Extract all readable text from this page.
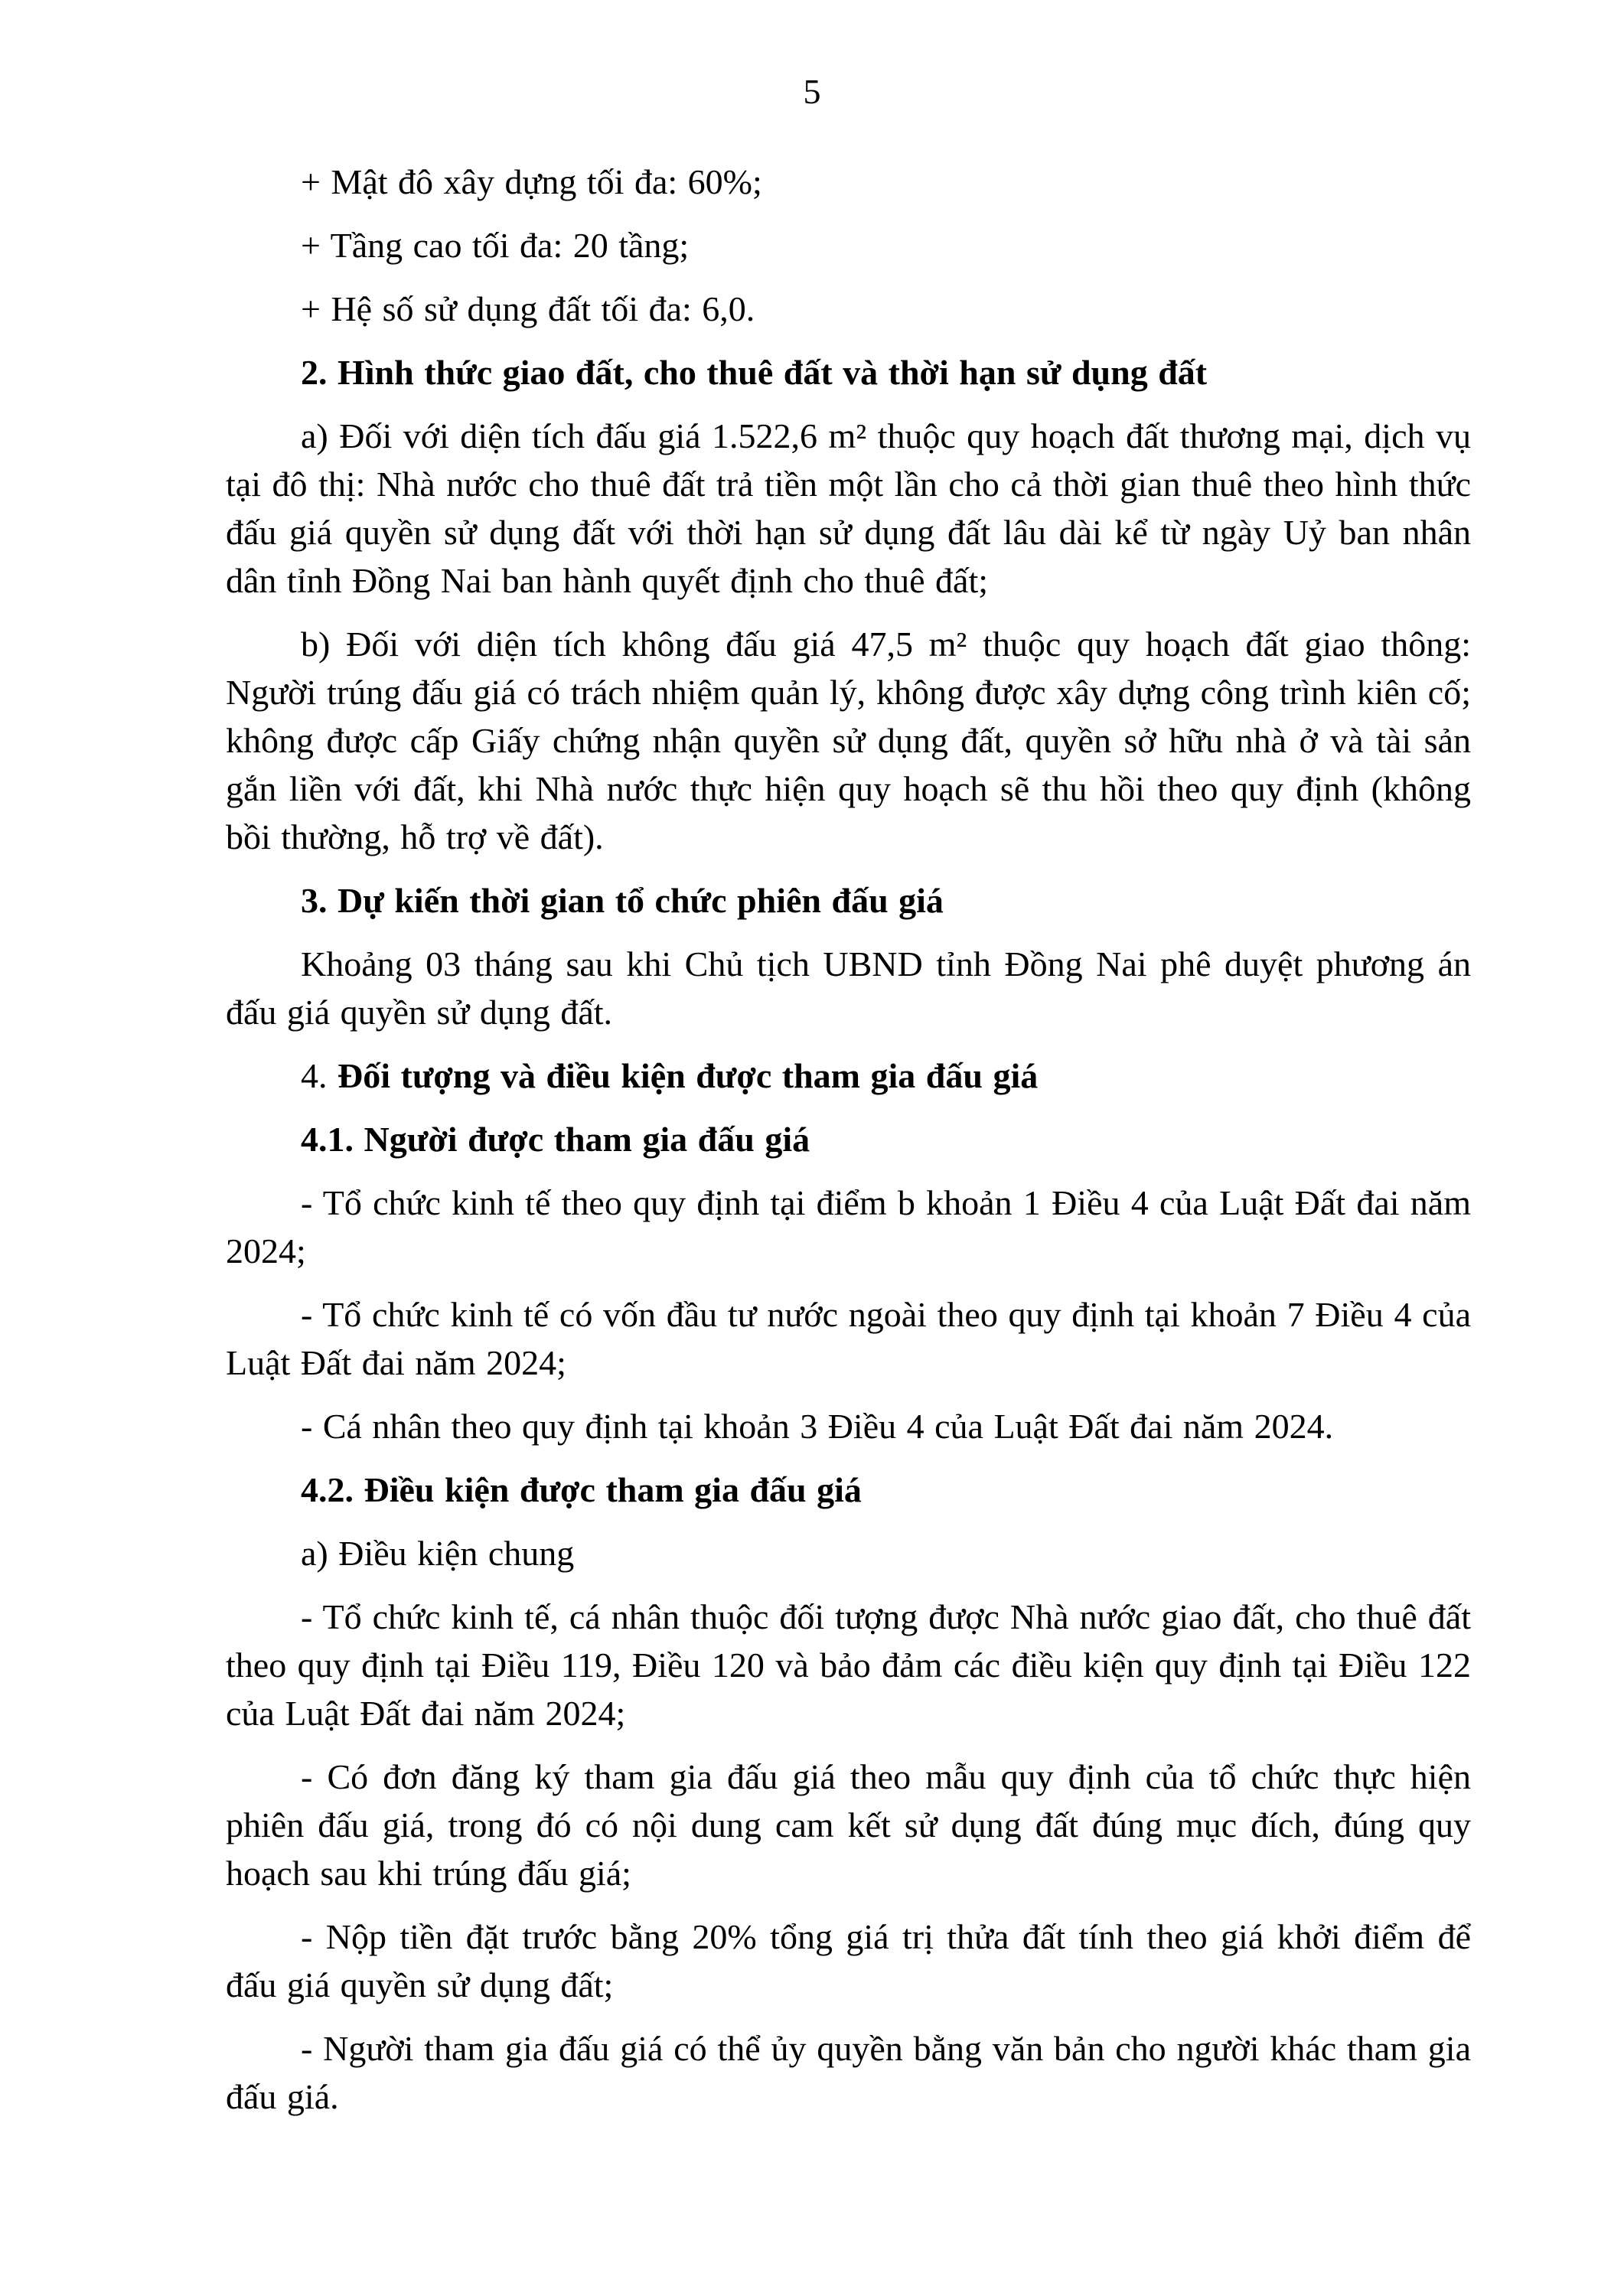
5

+ Mật đô xây dựng tối đa: 60%;

+ Tầng cao tối đa: 20 tầng;

+ Hệ số sử dụng đất tối đa: 6,0.

2. Hình thức giao đất, cho thuê đất và thời hạn sử dụng đất

a) Đối với diện tích đấu giá 1.522,6 m² thuộc quy hoạch đất thương mại, dịch vụ tại đô thị: Nhà nước cho thuê đất trả tiền một lần cho cả thời gian thuê theo hình thức đấu giá quyền sử dụng đất với thời hạn sử dụng đất lâu dài kể từ ngày Uỷ ban nhân dân tỉnh Đồng Nai ban hành quyết định cho thuê đất;

b) Đối với diện tích không đấu giá 47,5 m² thuộc quy hoạch đất giao thông: Người trúng đấu giá có trách nhiệm quản lý, không được xây dựng công trình kiên cố; không được cấp Giấy chứng nhận quyền sử dụng đất, quyền sở hữu nhà ở và tài sản gắn liền với đất, khi Nhà nước thực hiện quy hoạch sẽ thu hồi theo quy định (không bồi thường, hỗ trợ về đất).

3. Dự kiến thời gian tổ chức phiên đấu giá

Khoảng 03 tháng sau khi Chủ tịch UBND tỉnh Đồng Nai phê duyệt phương án đấu giá quyền sử dụng đất.

4. Đối tượng và điều kiện được tham gia đấu giá

4.1. Người được tham gia đấu giá

- Tổ chức kinh tế theo quy định tại điểm b khoản 1 Điều 4 của Luật Đất đai năm 2024;

- Tổ chức kinh tế có vốn đầu tư nước ngoài theo quy định tại khoản 7 Điều 4 của Luật Đất đai năm 2024;

- Cá nhân theo quy định tại khoản 3 Điều 4 của Luật Đất đai năm 2024.

4.2. Điều kiện được tham gia đấu giá

a) Điều kiện chung

- Tổ chức kinh tế, cá nhân thuộc đối tượng được Nhà nước giao đất, cho thuê đất theo quy định tại Điều 119, Điều 120 và bảo đảm các điều kiện quy định tại Điều 122 của Luật Đất đai năm 2024;

- Có đơn đăng ký tham gia đấu giá theo mẫu quy định của tổ chức thực hiện phiên đấu giá, trong đó có nội dung cam kết sử dụng đất đúng mục đích, đúng quy hoạch sau khi trúng đấu giá;

- Nộp tiền đặt trước bằng 20% tổng giá trị thửa đất tính theo giá khởi điểm để đấu giá quyền sử dụng đất;

- Người tham gia đấu giá có thể ủy quyền bằng văn bản cho người khác tham gia đấu giá.
